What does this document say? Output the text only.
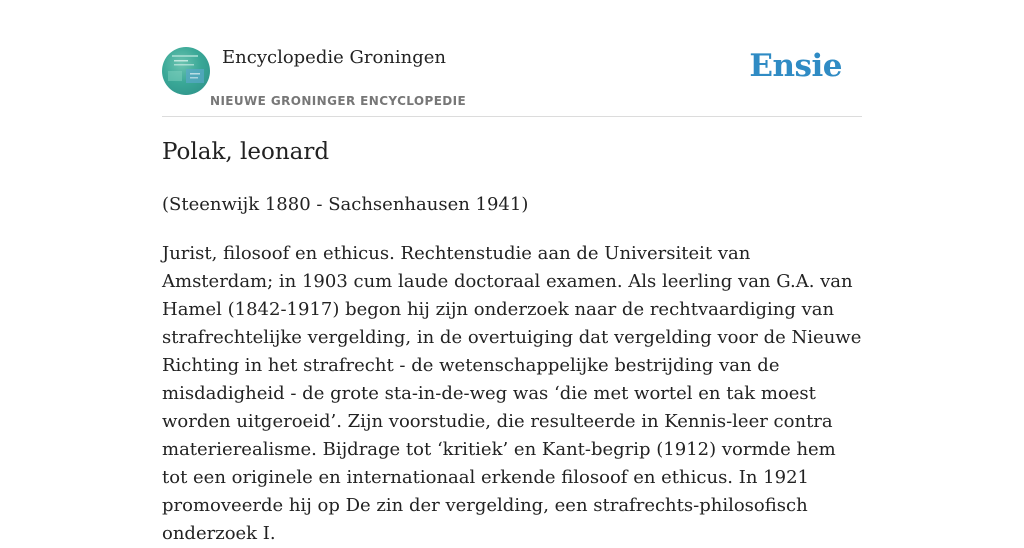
Encyclopedie Groningen
NIEUWE GRONINGER ENCYCLOPEDIE
Ensie
Polak, leonard

(Steenwijk 1880 - Sachsenhausen 1941)

Jurist, filosoof en ethicus. Rechtenstudie aan de Universiteit van Amsterdam; in 1903 cum laude doctoraal examen. Als leerling van G.A. van Hamel (1842-1917) begon hij zijn onderzoek naar de rechtvaardiging van strafrechtelijke vergelding, in de overtuiging dat vergelding voor de Nieuwe Richting in het strafrecht - de wetenschappelijke bestrijding van de misdadigheid - de grote sta-in-de-weg was ‘die met wortel en tak moest worden uitgeroeid’. Zijn voorstudie, die resulteerde in Kennis-leer contra materierealisme. Bijdrage tot ‘kritiek’ en Kant-begrip (1912) vormde hem tot een originele en internationaal erkende filosoof en ethicus. In 1921 promoveerde hij op De zin der vergelding, een strafrechts-philosofisch onderzoek I.
